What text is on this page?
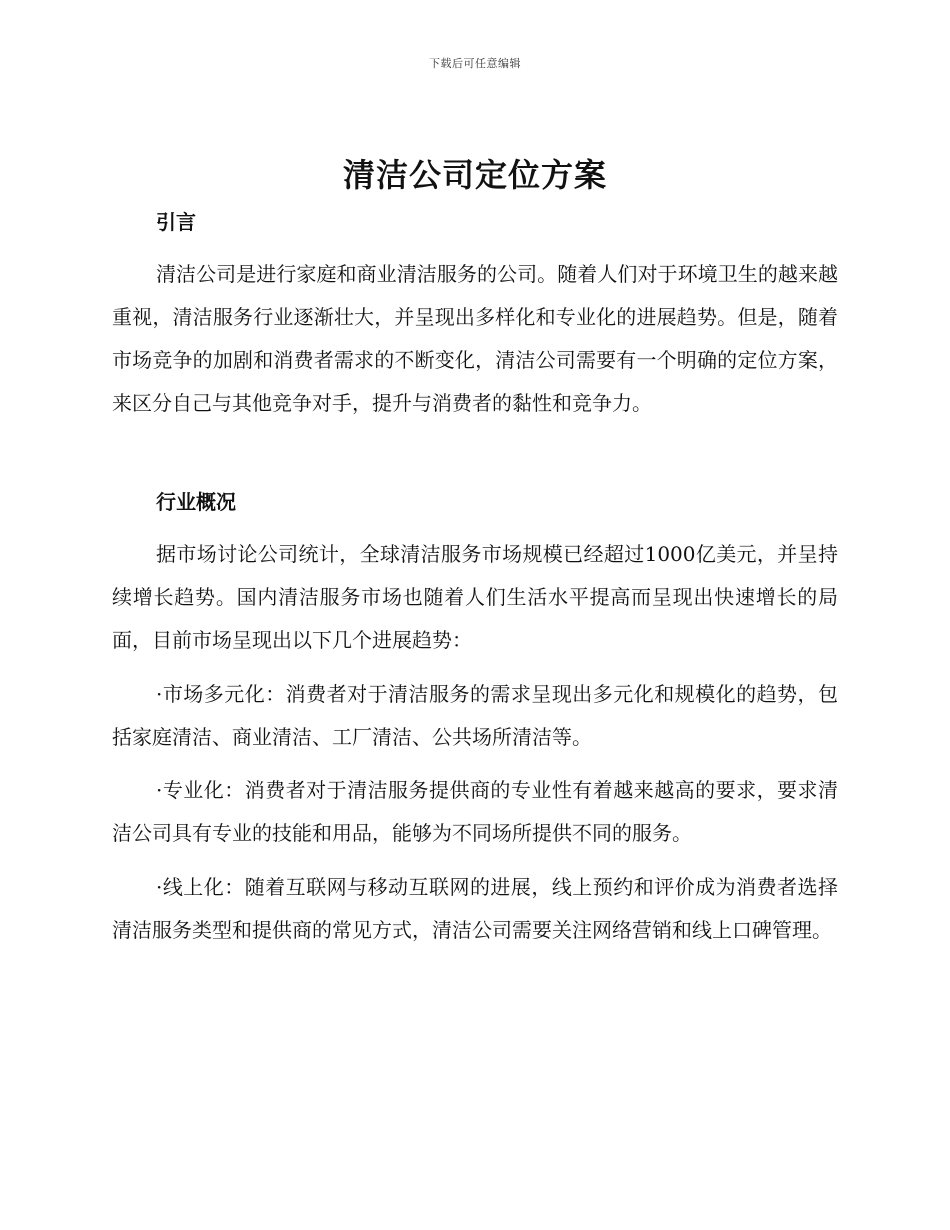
下载后可任意编辑
清洁公司定位方案
引言

清洁公司是进行家庭和商业清洁服务的公司。随着人们对于环境卫生的越来越重视，清洁服务行业逐渐壮大，并呈现出多样化和专业化的进展趋势。但是，随着市场竞争的加剧和消费者需求的不断变化，清洁公司需要有一个明确的定位方案，来区分自己与其他竞争对手，提升与消费者的黏性和竞争力。

行业概况

据市场讨论公司统计，全球清洁服务市场规模已经超过1000亿美元，并呈持续增长趋势。国内清洁服务市场也随着人们生活水平提高而呈现出快速增长的局面，目前市场呈现出以下几个进展趋势：

·市场多元化：消费者对于清洁服务的需求呈现出多元化和规模化的趋势，包括家庭清洁、商业清洁、工厂清洁、公共场所清洁等。

·专业化：消费者对于清洁服务提供商的专业性有着越来越高的要求，要求清洁公司具有专业的技能和用品，能够为不同场所提供不同的服务。

·线上化：随着互联网与移动互联网的进展，线上预约和评价成为消费者选择清洁服务类型和提供商的常见方式，清洁公司需要关注网络营销和线上口碑管理。
